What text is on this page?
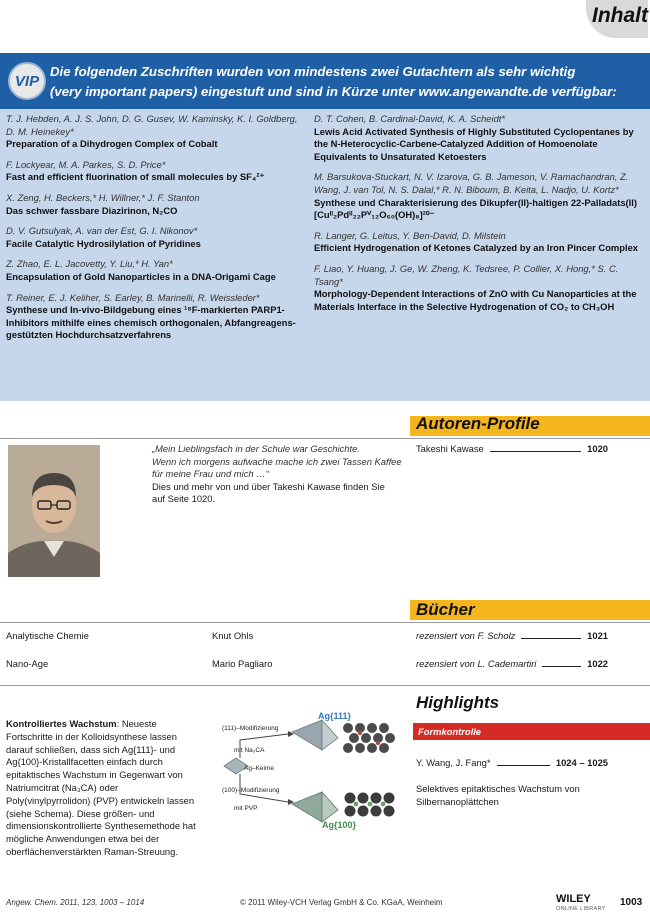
Inhalt
VIP
Die folgenden Zuschriften wurden von mindestens zwei Gutachtern als sehr wichtig
(very important papers) eingestuft und sind in Kürze unter www.angewandte.de verfügbar:
T. J. Hebden, A. J. S. John, D. G. Gusev, W. Kaminsky, K. I. Goldberg, D. M. Heinekey*
Preparation of a Dihydrogen Complex of Cobalt
F. Lockyear, M. A. Parkes, S. D. Price*
Fast and efficient fluorination of small molecules by SF₄²⁺
X. Zeng, H. Beckers,* H. Willner,* J. F. Stanton
Das schwer fassbare Diazirinon, N₂CO
D. V. Gutsulyak, A. van der Est, G. I. Nikonov*
Facile Catalytic Hydrosilylation of Pyridines
Z. Zhao, E. L. Jacovetty, Y. Liu,* H. Yan*
Encapsulation of Gold Nanoparticles in a DNA-Origami Cage
T. Reiner, E. J. Keliher, S. Earley, B. Marinelli, R. Weissleder*
Synthese und In-vivo-Bildgebung eines ¹⁸F-markierten PARP1-Inhibitors mithilfe eines chemisch orthogonalen, Abfangreagens-gestützten Hochdurchsatzverfahrens
D. T. Cohen, B. Cardinal-David, K. A. Scheidt*
Lewis Acid Activated Synthesis of Highly Substituted Cyclopentanes by the N-Heterocyclic-Carbene-Catalyzed Addition of Homoenolate Equivalents to Unsaturated Ketoesters
M. Barsukova-Stuckart, N. V. Izarova, G. B. Jameson, V. Ramachandran, Z. Wang, J. van Tol, N. S. Dalal,* R. N. Biboum, B. Keita, L. Nadjo, U. Kortz*
Synthese und Charakterisierung des Dikupfer(II)-haltigen 22-Palladats(II) [Cuᴵᴵ₂Pdᴵᴵ₂₂Pⱽ₁₂O₆₀(OH)₈]²⁰⁻
R. Langer, G. Leitus, Y. Ben-David, D. Milstein
Efficient Hydrogenation of Ketones Catalyzed by an Iron Pincer Complex
F. Liao, Y. Huang, J. Ge, W. Zheng, K. Tedsree, P. Collier, X. Hong,* S. C. Tsang*
Morphology-Dependent Interactions of ZnO with Cu Nanoparticles at the Materials Interface in the Selective Hydrogenation of CO₂ to CH₃OH
Autoren-Profile
„Mein Lieblingsfach in der Schule war Geschichte.
Wenn ich morgens aufwache mache ich zwei Tassen Kaffee
für meine Frau und mich …“
Dies und mehr von und über Takeshi Kawase finden Sie
auf Seite 1020.
Takeshi Kawase	1020
Bücher
Analytische Chemie	Knut Ohls	rezensiert von F. Scholz	1021
Nano-Age	Mario Pagliaro	rezensiert von L. Cademartiri	1022
Highlights
Kontrolliertes Wachstum: Neueste Fortschritte in der Kolloidsynthese lassen darauf schließen, dass sich Ag{111}- und Ag{100}-Kristallfacetten einfach durch epitaktisches Wachstum in Gegenwart von Natriumcitrat (Na₃CA) oder Poly(vinylpyrrolidon) (PVP) entwickeln lassen (siehe Schema). Diese größen- und dimensionskontrollierte Synthesemethode hat mögliche Anwendungen etwa bei der oberflächenverstärkten Raman-Streuung.
(111)–Modifizierung
mit Na₃CA
Ag–Keime
(100)–Modifizierung
mit PVP
Ag{111}
Ag{100}
Formkontrolle
Y. Wang, J. Fang*	1024 – 1025
Selektives epitaktisches Wachstum von
Silbernanoplättchen
Angew. Chem. 2011, 123, 1003 – 1014	© 2011 Wiley-VCH Verlag GmbH & Co. KGaA, Weinheim	WILEY
ONLINE LIBRARY
1003
